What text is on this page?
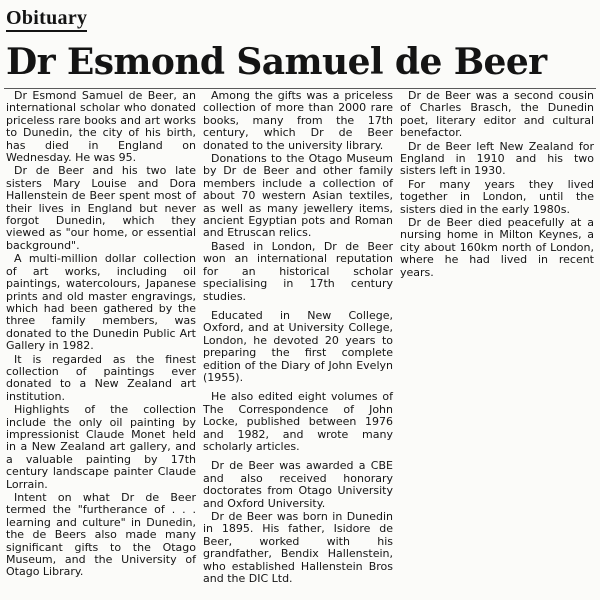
Obituary
Dr Esmond Samuel de Beer

Dr Esmond Samuel de Beer, an international scholar who donated priceless rare books and art works to Dunedin, the city of his birth, has died in England on Wednesday. He was 95.

Dr de Beer and his two late sisters Mary Louise and Dora Hallenstein de Beer spent most of their lives in England but never forgot Dunedin, which they viewed as "our home, or essential background".

A multi-million dollar collection of art works, including oil paintings, watercolours, Japanese prints and old master engravings, which had been gathered by the three family members, was donated to the Dunedin Public Art Gallery in 1982.

It is regarded as the finest collection of paintings ever donated to a New Zealand art institution.

Highlights of the collection include the only oil painting by impressionist Claude Monet held in a New Zealand art gallery, and a valuable painting by 17th century landscape painter Claude Lorrain.

Intent on what Dr de Beer termed the "furtherance of . . . learning and culture" in Dunedin, the de Beers also made many significant gifts to the Otago Museum, and the University of Otago Library.

Among the gifts was a priceless collection of more than 2000 rare books, many from the 17th century, which Dr de Beer donated to the university library.

Donations to the Otago Museum by Dr de Beer and other family members include a collection of about 70 western Asian textiles, as well as many jewellery items, ancient Egyptian pots and Roman and Etruscan relics.

Based in London, Dr de Beer won an international reputation for an historical scholar specialising in 17th century studies.

Educated in New College, Oxford, and at University College, London, he devoted 20 years to preparing the first complete edition of the Diary of John Evelyn (1955).

He also edited eight volumes of The Correspondence of John Locke, published between 1976 and 1982, and wrote many scholarly articles.

Dr de Beer was awarded a CBE and also received honorary doctorates from Otago University and Oxford University.

Dr de Beer was born in Dunedin in 1895. His father, Isidore de Beer, worked with his grandfather, Bendix Hallenstein, who established Hallenstein Bros and the DIC Ltd.

Dr de Beer was a second cousin of Charles Brasch, the Dunedin poet, literary editor and cultural benefactor.

Dr de Beer left New Zealand for England in 1910 and his two sisters left in 1930.

For many years they lived together in London, until the sisters died in the early 1980s.

Dr de Beer died peacefully at a nursing home in Milton Keynes, a city about 160km north of London, where he had lived in recent years.
